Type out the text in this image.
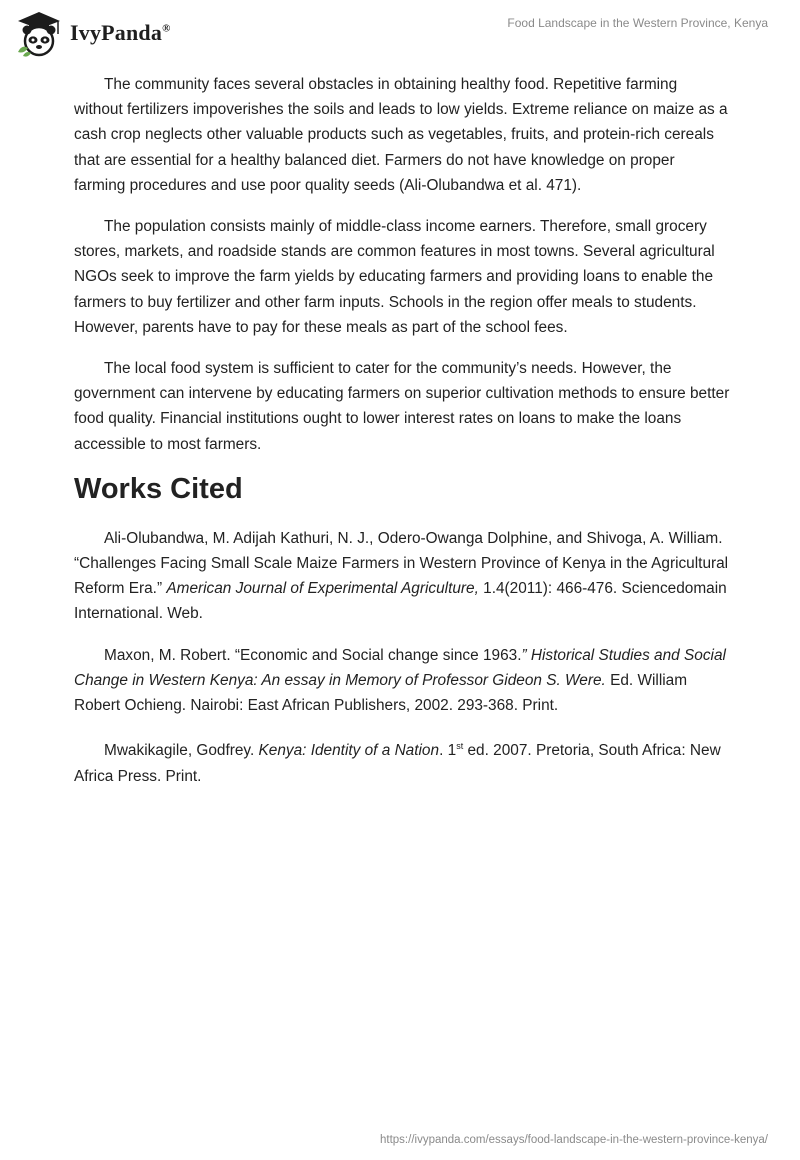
IvyPanda®	Food Landscape in the Western Province, Kenya

The community faces several obstacles in obtaining healthy food. Repetitive farming without fertilizers impoverishes the soils and leads to low yields. Extreme reliance on maize as a cash crop neglects other valuable products such as vegetables, fruits, and protein-rich cereals that are essential for a healthy balanced diet. Farmers do not have knowledge on proper farming procedures and use poor quality seeds (Ali-Olubandwa et al. 471).

The population consists mainly of middle-class income earners. Therefore, small grocery stores, markets, and roadside stands are common features in most towns. Several agricultural NGOs seek to improve the farm yields by educating farmers and providing loans to enable the farmers to buy fertilizer and other farm inputs. Schools in the region offer meals to students. However, parents have to pay for these meals as part of the school fees.

The local food system is sufficient to cater for the community’s needs. However, the government can intervene by educating farmers on superior cultivation methods to ensure better food quality. Financial institutions ought to lower interest rates on loans to make the loans accessible to most farmers.

Works Cited

Ali-Olubandwa, M. Adijah Kathuri, N. J., Odero-Owanga Dolphine, and Shivoga, A. William. “Challenges Facing Small Scale Maize Farmers in Western Province of Kenya in the Agricultural Reform Era.” American Journal of Experimental Agriculture, 1.4(2011): 466-476. Sciencedomain International. Web.

Maxon, M. Robert. “Economic and Social change since 1963.” Historical Studies and Social Change in Western Kenya: An essay in Memory of Professor Gideon S. Were. Ed. William Robert Ochieng. Nairobi: East African Publishers, 2002. 293-368. Print.

Mwakikagile, Godfrey. Kenya: Identity of a Nation. 1st ed. 2007. Pretoria, South Africa: New Africa Press. Print.

https://ivypanda.com/essays/food-landscape-in-the-western-province-kenya/
